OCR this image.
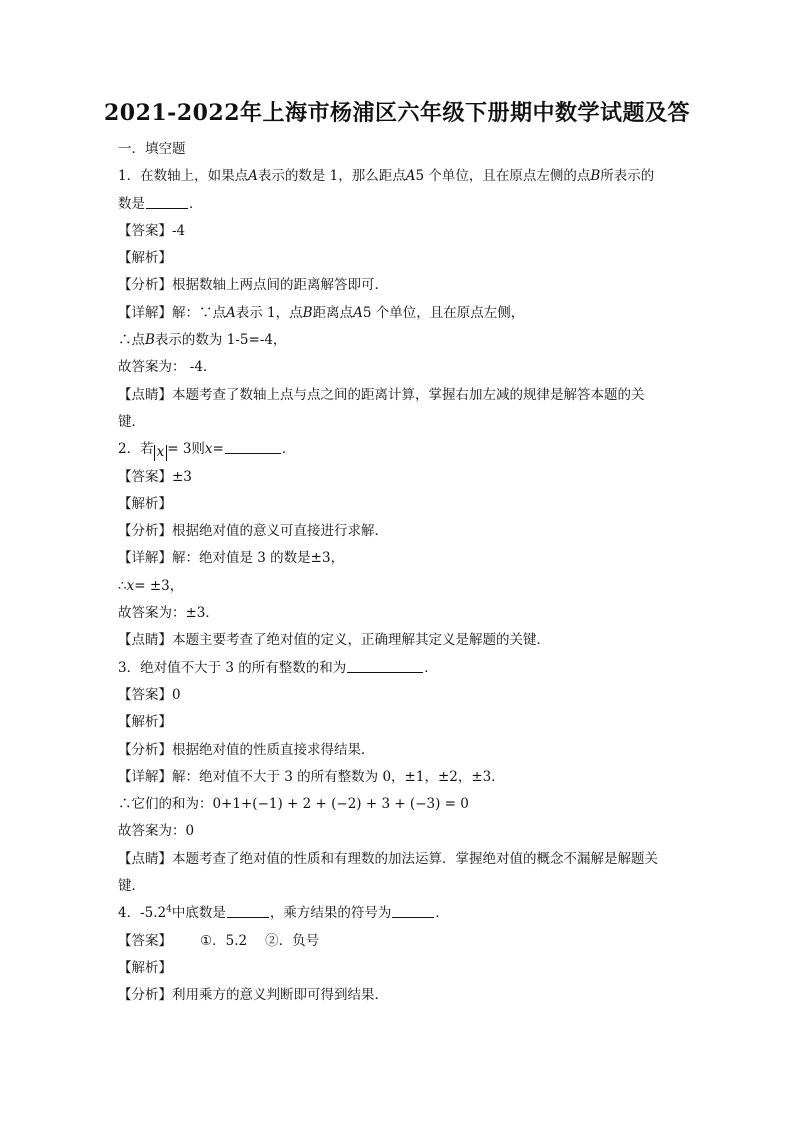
2021-2022年上海市杨浦区六年级下册期中数学试题及答
一．填空题
1．在数轴上，如果点A表示的数是 1，那么距点A5 个单位，且在原点左侧的点B所表示的
数是	．
【答案】-4
【解析】
【分析】根据数轴上两点间的距离解答即可．
【详解】解：∵点A表示 1，点B距离点A5 个单位，且在原点左侧，
∴点B表示的数为 1-5=-4，
故答案为： -4．
【点睛】本题考查了数轴上点与点之间的距离计算，掌握右加左减的规律是解答本题的关
键．
2．若 x = 3则x=	．
【答案】±3
【解析】
【分析】根据绝对值的意义可直接进行求解．
【详解】解：绝对值是 3 的数是±3，
∴x= ±3，
故答案为：±3．
【点睛】本题主要考查了绝对值的定义，正确理解其定义是解题的关键．
3．绝对值不大于 3 的所有整数的和为	．
【答案】0
【解析】
【分析】根据绝对值的性质直接求得结果．
【详解】解：绝对值不大于 3 的所有整数为 0，±1，±2，±3．
∴它们的和为：0+1+(−1) + 2 + (−2) + 3 + (−3) = 0
故答案为：0
【点睛】本题考查了绝对值的性质和有理数的加法运算．掌握绝对值的概念不漏解是解题关
键．
4．$-5.2^4$中底数是	，乘方结果的符号为	．
【答案】 ①．5.2 ②．负号
【解析】
【分析】利用乘方的意义判断即可得到结果．
